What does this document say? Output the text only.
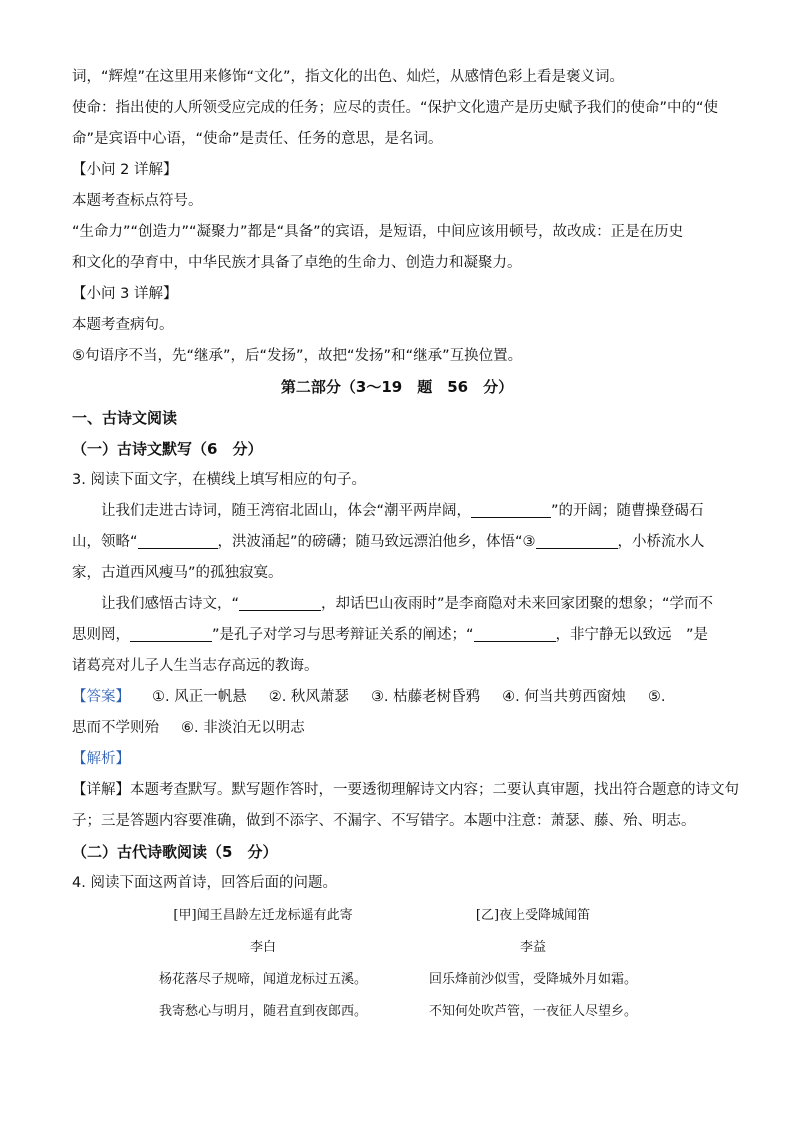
词，“辉煌”在这里用来修饰“文化”，指文化的出色、灿烂，从感情色彩上看是褒义词。
使命：指出使的人所领受应完成的任务；应尽的责任。“保护文化遗产是历史赋予我们的使命”中的“使
命”是宾语中心语，“使命”是责任、任务的意思，是名词。
【小问 2 详解】
本题考查标点符号。
“生命力”“创造力”“凝聚力”都是“具备”的宾语，是短语，中间应该用顿号，故改成：正是在历史
和文化的孕育中，中华民族才具备了卓绝的生命力、创造力和凝聚力。
【小问 3 详解】
本题考查病句。
⑤句语序不当，先“继承”，后“发扬”，故把“发扬”和“继承”互换位置。
第二部分（3～19　题　56　分）
一、古诗文阅读
（一）古诗文默写（6　分）
3. 阅读下面文字，在横线上填写相应的句子。
让我们走进古诗词，随王湾宿北固山，体会“潮平两岸阔，	”的开阔；随曹操登碣石
山，领略“	，洪波涌起”的磅礴；随马致远漂泊他乡，体悟“③	，小桥流水人
家，古道西风瘦马”的孤独寂寞。
让我们感悟古诗文，“	，却话巴山夜雨时”是李商隐对未来回家团聚的想象；“学而不
思则罔，	”是孔子对学习与思考辩证关系的阐述；“	，非宁静无以致远　”是
诸葛亮对儿子人生当志存高远的教诲。
【答案】 ①. 风正一帆悬 ②. 秋风萧瑟 ③. 枯藤老树昏鸦 ④. 何当共剪西窗烛 ⑤.
思而不学则殆 ⑥. 非淡泊无以明志
【解析】
【详解】本题考查默写。默写题作答时，一要透彻理解诗文内容；二要认真审题，找出符合题意的诗文句
子；三是答题内容要准确，做到不添字、不漏字、不写错字。本题中注意：萧瑟、藤、殆、明志。
（二）古代诗歌阅读（5　分）
4. 阅读下面这两首诗，回答后面的问题。
[甲]闻王昌龄左迁龙标遥有此寄
李白
杨花落尽子规啼，闻道龙标过五溪。
我寄愁心与明月，随君直到夜郎西。
[乙]夜上受降城闻笛
李益
回乐烽前沙似雪，受降城外月如霜。
不知何处吹芦管，一夜征人尽望乡。
